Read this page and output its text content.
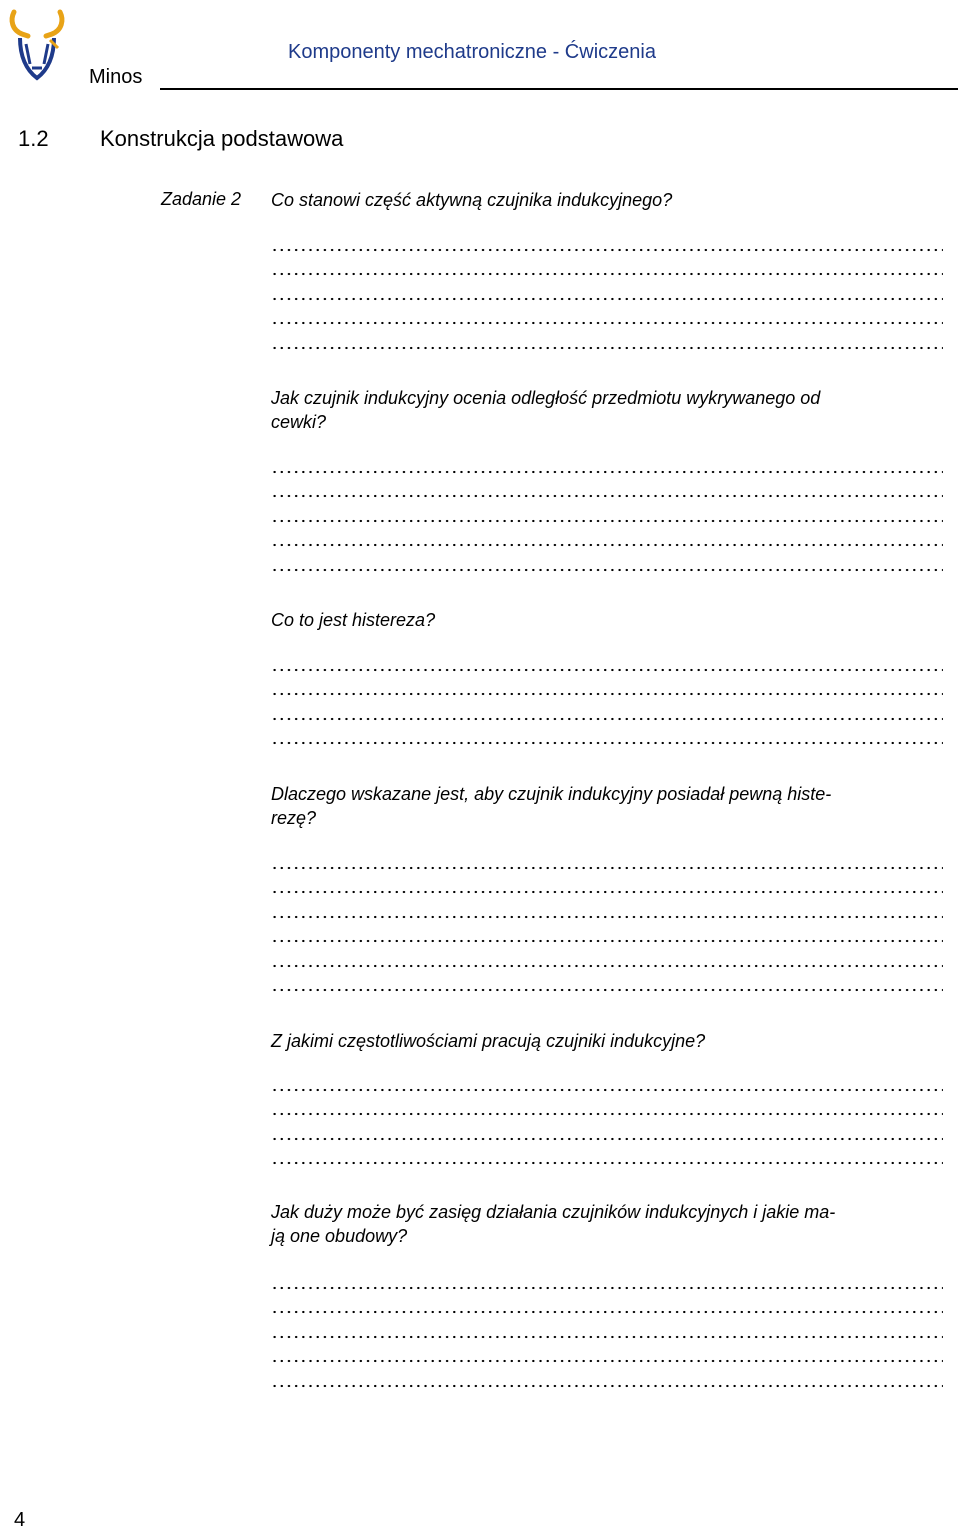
Minos
Komponenty mechatroniczne - Ćwiczenia
1.2 Konstrukcja podstawowa
Zadanie 2 Co stanowi część aktywną czujnika indukcyjnego?
Jak czujnik indukcyjny ocenia odległość przedmiotu wykrywanego od
cewki?
Co to jest histereza?
Dlaczego wskazane jest, aby czujnik indukcyjny posiadał pewną histe-
rezę?
Z jakimi częstotliwościami pracują czujniki indukcyjne?
Jak duży może być zasięg działania czujników indukcyjnych i jakie ma-
ją one obudowy?
4
